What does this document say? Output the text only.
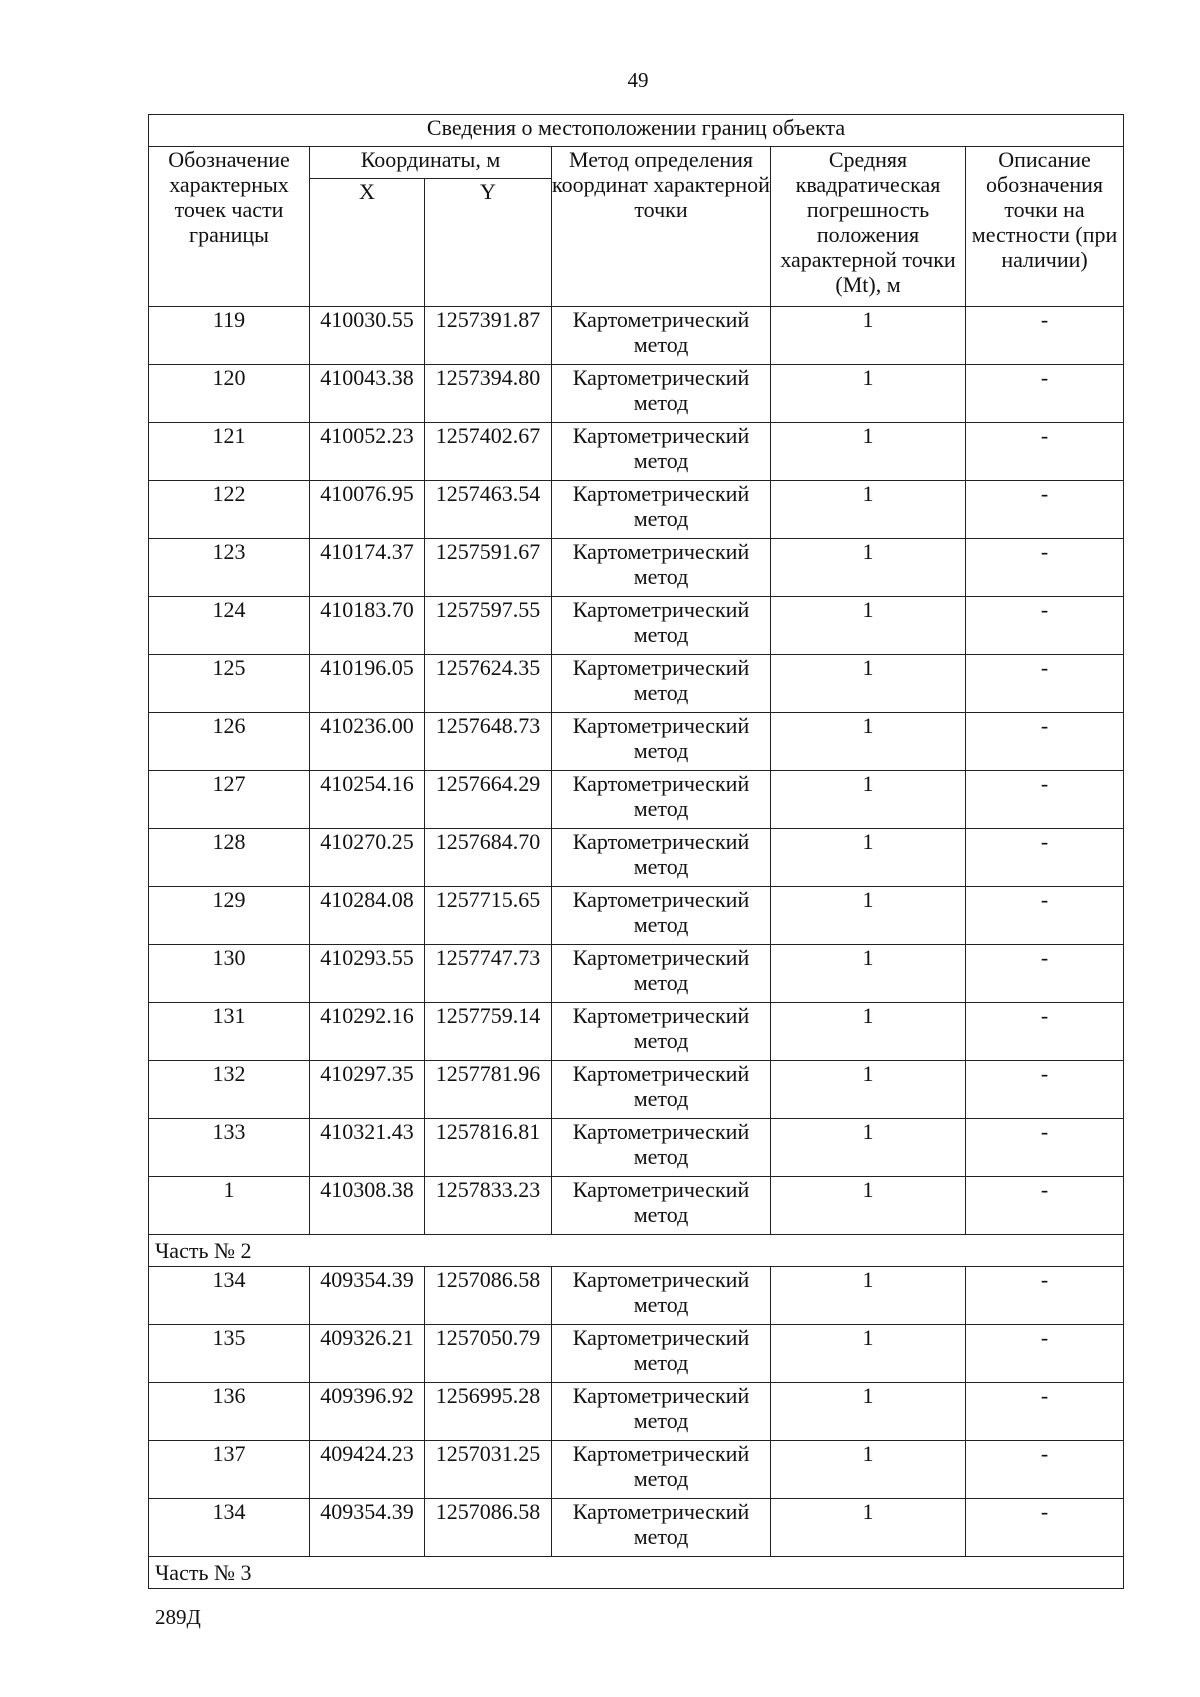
49
Сведения о местоположении границ объекта					
Обозначение характерных точек части границы	Координаты, м		Метод определения координат характерной точки	Средняя квадратическая погрешность положения характерной точки (Mt), м	Описание обозначения точки на местности (при наличии)
	X	Y			
119	410030.55	1257391.87	Картометрический метод	1	-
120	410043.38	1257394.80	Картометрический метод	1	-
121	410052.23	1257402.67	Картометрический метод	1	-
122	410076.95	1257463.54	Картометрический метод	1	-
123	410174.37	1257591.67	Картометрический метод	1	-
124	410183.70	1257597.55	Картометрический метод	1	-
125	410196.05	1257624.35	Картометрический метод	1	-
126	410236.00	1257648.73	Картометрический метод	1	-
127	410254.16	1257664.29	Картометрический метод	1	-
128	410270.25	1257684.70	Картометрический метод	1	-
129	410284.08	1257715.65	Картометрический метод	1	-
130	410293.55	1257747.73	Картометрический метод	1	-
131	410292.16	1257759.14	Картометрический метод	1	-
132	410297.35	1257781.96	Картометрический метод	1	-
133	410321.43	1257816.81	Картометрический метод	1	-
1	410308.38	1257833.23	Картометрический метод	1	-
Часть № 2					
134	409354.39	1257086.58	Картометрический метод	1	-
135	409326.21	1257050.79	Картометрический метод	1	-
136	409396.92	1256995.28	Картометрический метод	1	-
137	409424.23	1257031.25	Картометрический метод	1	-
134	409354.39	1257086.58	Картометрический метод	1	-
Часть № 3					
289Д
